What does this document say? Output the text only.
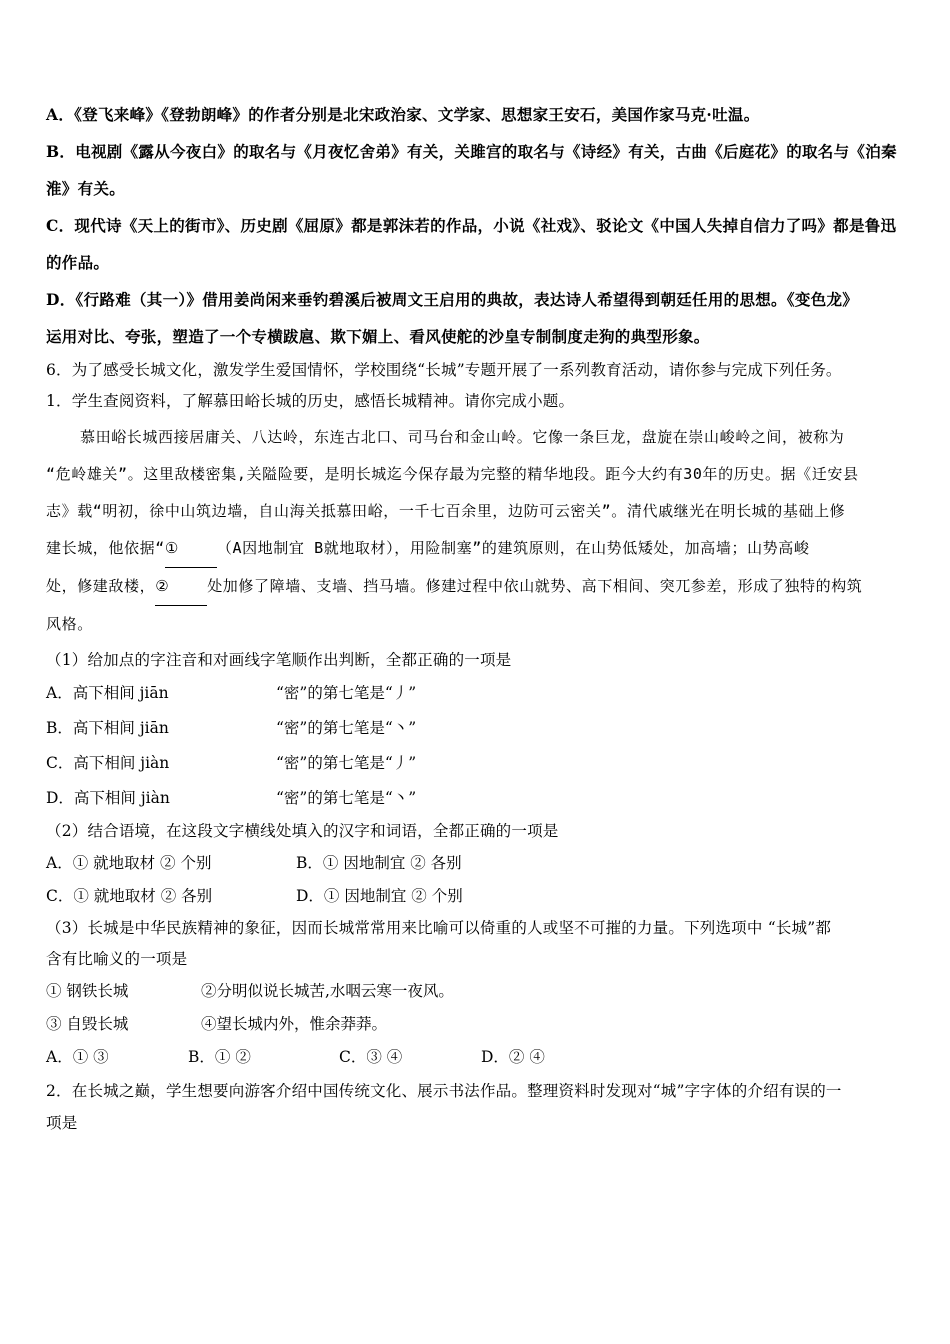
A．《登飞来峰》《登勃朗峰》的作者分别是北宋政治家、文学家、思想家王安石，美国作家马克·吐温。

B．电视剧《露从今夜白》的取名与《月夜忆舍弟》有关，关雎宫的取名与《诗经》有关，古曲《后庭花》的取名与《泊秦

淮》有关。

C．现代诗《天上的街市》、历史剧《屈原》都是郭沫若的作品，小说《社戏》、驳论文《中国人失掉自信力了吗》都是鲁迅

的作品。

D．《行路难（其一）》借用姜尚闲来垂钓碧溪后被周文王启用的典故，表达诗人希望得到朝廷任用的思想。《变色龙》

运用对比、夸张，塑造了一个专横跋扈、欺下媚上、看风使舵的沙皇专制制度走狗的典型形象。

6．为了感受长城文化，激发学生爱国情怀，学校围绕“长城”专题开展了一系列教育活动，请你参与完成下列任务。

1．学生查阅资料，了解慕田峪长城的历史，感悟长城精神。请你完成小题。

慕田峪长城西接居庸关、八达岭，东连古北口、司马台和金山岭。它像一条巨龙，盘旋在崇山峻岭之间，被称为

“危岭雄关”。这里敌楼密集,关隘险要，是明长城迄今保存最为完整的精华地段。距今大约有30年的历史。据《迁安县

志》载“明初，徐中山筑边墙，自山海关抵慕田峪，一千七百余里，边防可云密关”。清代戚继光在明长城的基础上修

建长城，他依据“①	（A因地制宜 B就地取材），用险制塞”的建筑原则，在山势低矮处，加高墙；山势高峻

处，修建敌楼，②	处加修了障墙、支墙、挡马墙。修建过程中依山就势、高下相间、突兀参差，形成了独特的构筑

风格。

（1）给加点的字注音和对画线字笔顺作出判断，全都正确的一项是

A．高下相间 jiān	“密”的第七笔是“丿”
B．高下相间 jiān	“密”的第七笔是“丶”
C．高下相间 jiàn	“密”的第七笔是“丿”
D．高下相间 jiàn	“密”的第七笔是“丶”

（2）结合语境，在这段文字横线处填入的汉字和词语，全都正确的一项是

A．① 就地取材 ② 个别	B．① 因地制宜 ② 各别
C．① 就地取材 ② 各别	D．① 因地制宜 ② 个别

（3）长城是中华民族精神的象征，因而长城常常用来比喻可以倚重的人或坚不可摧的力量。下列选项中 “长城”都

含有比喻义的一项是

① 钢铁长城	②分明似说长城苦,水咽云寒一夜风。
③ 自毁长城	④望长城内外，惟余莽莽。
A．① ③	B．① ②	C．③ ④	D．② ④

2．在长城之巅，学生想要向游客介绍中国传统文化、展示书法作品。整理资料时发现对“城”字字体的介绍有误的一

项是
